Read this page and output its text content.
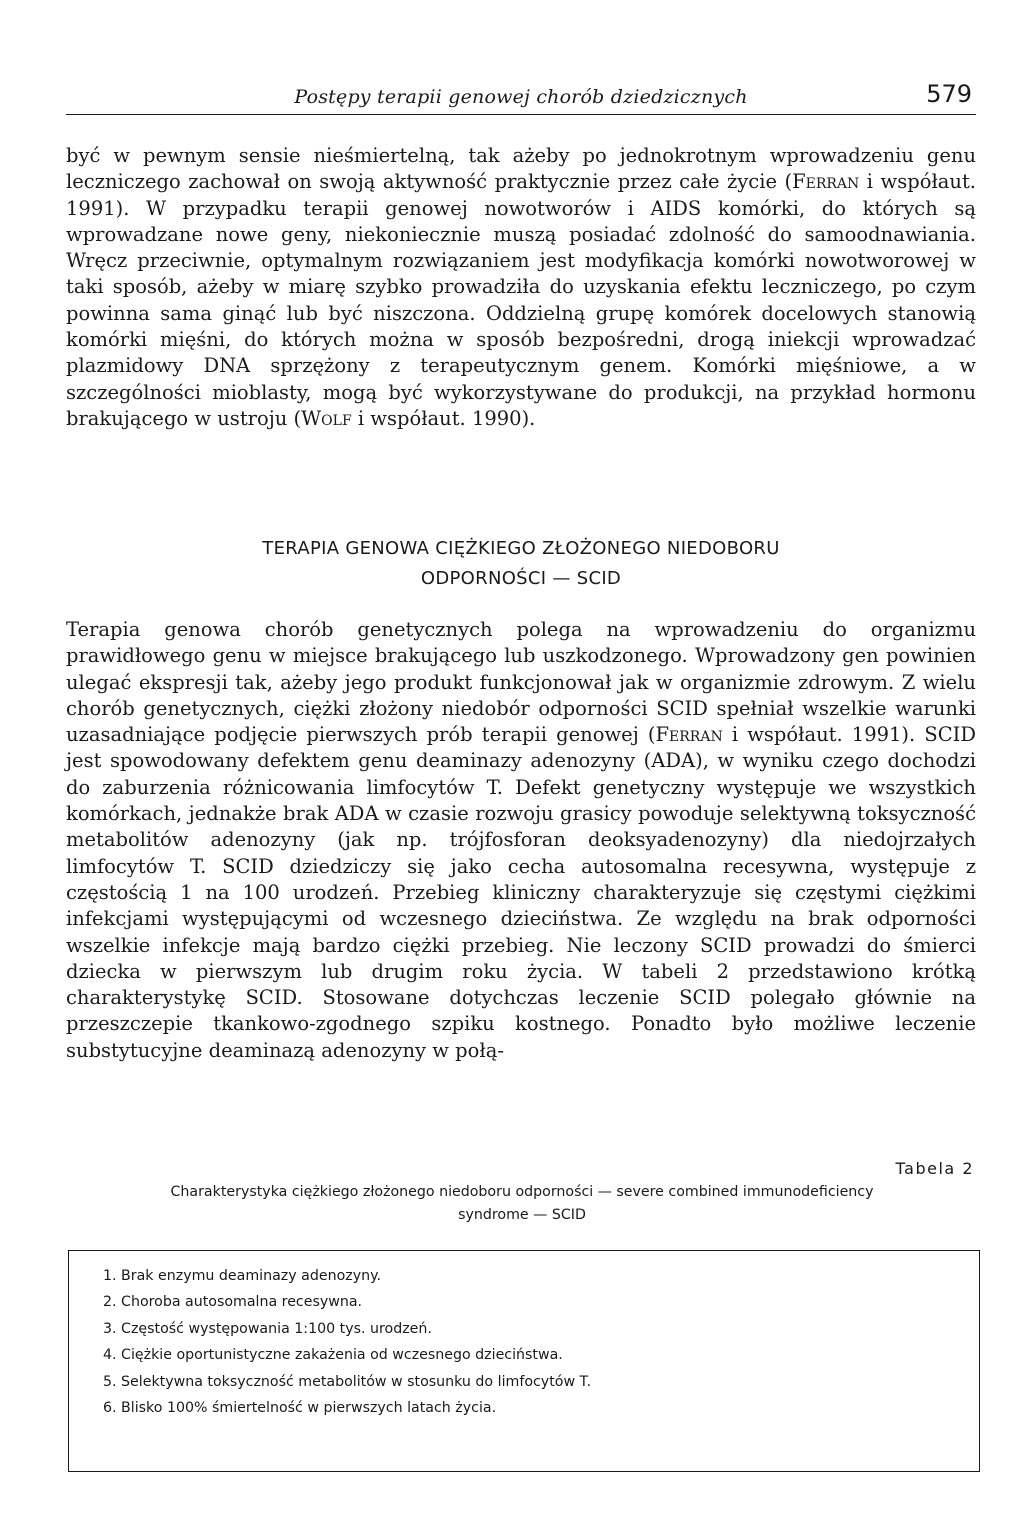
Postępy terapii genowej chorób dziedzicznych	579

być w pewnym sensie nieśmiertelną, tak ażeby po jednokrotnym wprowadzeniu genu leczniczego zachował on swoją aktywność praktycznie przez całe życie (Ferran i współaut. 1991). W przypadku terapii genowej nowotworów i AIDS komórki, do których są wprowadzane nowe geny, niekoniecznie muszą posiadać zdolność do samoodnawiania. Wręcz przeciwnie, optymalnym rozwiązaniem jest modyfikacja komórki nowotworowej w taki sposób, ażeby w miarę szybko prowadziła do uzyskania efektu leczniczego, po czym powinna sama ginąć lub być niszczona. Oddzielną grupę komórek docelowych stanowią komórki mięśni, do których można w sposób bezpośredni, drogą iniekcji wprowadzać plazmidowy DNA sprzężony z terapeutycznym genem. Komórki mięśniowe, a w szczególności mioblasty, mogą być wykorzystywane do produkcji, na przykład hormonu brakującego w ustroju (Wolf i współaut. 1990).

TERAPIA GENOWA CIĘŻKIEGO ZŁOŻONEGO NIEDOBORU
ODPORNOŚCI — SCID

Terapia genowa chorób genetycznych polega na wprowadzeniu do organizmu prawidłowego genu w miejsce brakującego lub uszkodzonego. Wprowadzony gen powinien ulegać ekspresji tak, ażeby jego produkt funkcjonował jak w organizmie zdrowym. Z wielu chorób genetycznych, ciężki złożony niedobór odporności SCID spełniał wszelkie warunki uzasadniające podjęcie pierwszych prób terapii genowej (Ferran i współaut. 1991). SCID jest spowodowany defektem genu deaminazy adenozyny (ADA), w wyniku czego dochodzi do zaburzenia różnicowania limfocytów T. Defekt genetyczny występuje we wszystkich komórkach, jednakże brak ADA w czasie rozwoju grasicy powoduje selektywną toksyczność metabolitów adenozyny (jak np. trójfosforan deoksyadenozyny) dla niedojrzałych limfocytów T. SCID dziedziczy się jako cecha autosomalna recesywna, występuje z częstością 1 na 100 urodzeń. Przebieg kliniczny charakteryzuje się częstymi ciężkimi infekcjami występującymi od wczesnego dzieciństwa. Ze względu na brak odporności wszelkie infekcje mają bardzo ciężki przebieg. Nie leczony SCID prowadzi do śmierci dziecka w pierwszym lub drugim roku życia. W tabeli 2 przedstawiono krótką charakterystykę SCID. Stosowane dotychczas leczenie SCID polegało głównie na przeszczepie tkankowo-zgodnego szpiku kostnego. Ponadto było możliwe leczenie substytucyjne deaminazą adenozyny w połą-

Tabela 2

Charakterystyka ciężkiego złożonego niedoboru odporności — severe combined immunodeficiency
syndrome — SCID

1. Brak enzymu deaminazy adenozyny.
2. Choroba autosomalna recesywna.
3. Częstość występowania 1:100 tys. urodzeń.
4. Ciężkie oportunistyczne zakażenia od wczesnego dzieciństwa.
5. Selektywna toksyczność metabolitów w stosunku do limfocytów T.
6. Blisko 100% śmiertelność w pierwszych latach życia.
